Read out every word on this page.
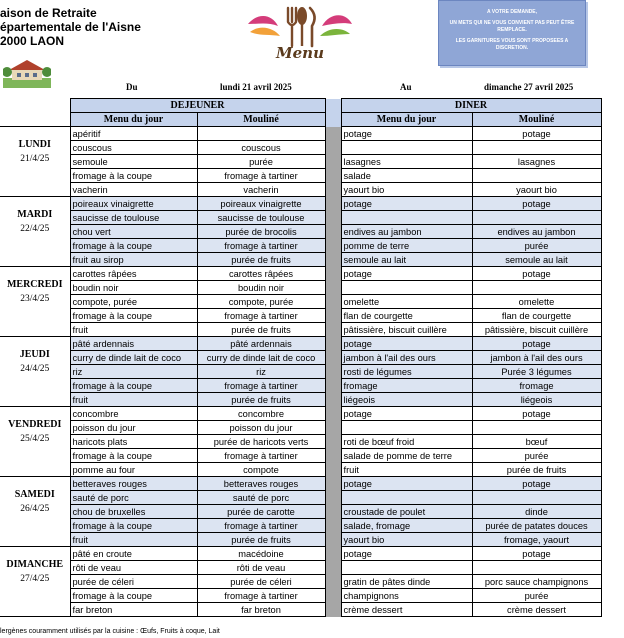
aison de Retraite
épartementale de l'Aisne
2000 LAON
Menu
A VOTRE DEMANDE,
UN METS QUI NE VOUS CONVIENT PAS PEUT ÊTRE REMPLACE.
LES GARNITURES VOUS SONT PROPOSEES A DISCRETION.
Du	lundi 21 avril 2025	Au	dimanche 27 avril 2025
	DEJEUNER			DINER	
	Menu du jour	Mouliné		Menu du jour	Mouliné
LUNDI
21/4/25	apéritif			potage	potage
	couscous	couscous			
	semoule	purée		lasagnes	lasagnes
	fromage à la coupe	fromage à tartiner		salade	
	vacherin	vacherin		yaourt bio	yaourt bio
MARDI
22/4/25	poireaux vinaigrette	poireaux vinaigrette		potage	potage
	saucisse de toulouse	saucisse de toulouse			
	chou vert	purée de brocolis		endives au jambon	endives au jambon
	fromage à la coupe	fromage à tartiner		pomme de terre	purée
	fruit au sirop	purée de fruits		semoule au lait	semoule au lait
MERCREDI
23/4/25	carottes râpées	carottes râpées		potage	potage
	boudin noir	boudin noir			
	compote, purée	compote, purée		omelette	omelette
	fromage à la coupe	fromage à tartiner		flan de courgette	flan de courgette
	fruit	purée de fruits		pâtissière, biscuit cuillère	pâtissière, biscuit cuillère
JEUDI
24/4/25	pâté ardennais	pâté ardennais		potage	potage
	curry de dinde lait de coco	curry de dinde lait de coco		jambon à l'ail des ours	jambon à l'ail des ours
	riz	riz		rosti de légumes	Purée 3 légumes
	fromage à la coupe	fromage à tartiner		fromage	fromage
	fruit	purée de fruits		liégeois	liégeois
VENDREDI
25/4/25	concombre	concombre		potage	potage
	poisson du jour	poisson du jour			
	haricots plats	purée de haricots verts		roti de bœuf froid	bœuf
	fromage à la coupe	fromage à tartiner		salade de pomme de terre	purée
	pomme au four	compote		fruit	purée de fruits
SAMEDI
26/4/25	betteraves rouges	betteraves rouges		potage	potage
	sauté de porc	sauté de porc			
	chou de bruxelles	purée de carotte		croustade de poulet	dinde
	fromage à la coupe	fromage à tartiner		salade, fromage	purée de patates douces
	fruit	purée de fruits		yaourt bio	fromage, yaourt
DIMANCHE
27/4/25	pâté en croute	macédoine		potage	potage
	rôti de veau	rôti de veau			
	purée de céleri	purée de céleri		gratin de pâtes dinde	porc sauce champignons
	fromage à la coupe	fromage à tartiner		champignons	purée
	far breton	far breton		crème dessert	crème dessert
lergènes couramment utilisés par la cuisine : Œufs, Fruits à coque, Lait
